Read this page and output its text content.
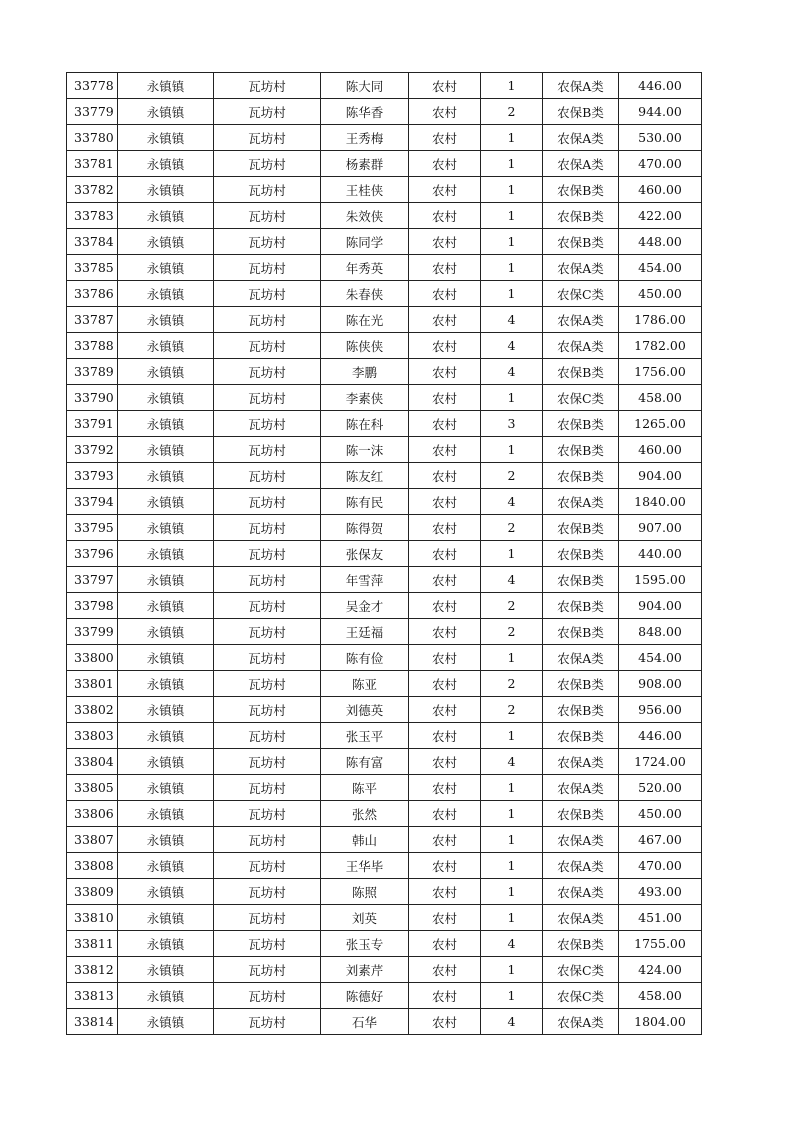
33778	永镇镇	瓦坊村	陈大同	农村	1	农保A类	446.00
33779	永镇镇	瓦坊村	陈华香	农村	2	农保B类	944.00
33780	永镇镇	瓦坊村	王秀梅	农村	1	农保A类	530.00
33781	永镇镇	瓦坊村	杨素群	农村	1	农保A类	470.00
33782	永镇镇	瓦坊村	王桂侠	农村	1	农保B类	460.00
33783	永镇镇	瓦坊村	朱效侠	农村	1	农保B类	422.00
33784	永镇镇	瓦坊村	陈同学	农村	1	农保B类	448.00
33785	永镇镇	瓦坊村	年秀英	农村	1	农保A类	454.00
33786	永镇镇	瓦坊村	朱春侠	农村	1	农保C类	450.00
33787	永镇镇	瓦坊村	陈在光	农村	4	农保A类	1786.00
33788	永镇镇	瓦坊村	陈侠侠	农村	4	农保A类	1782.00
33789	永镇镇	瓦坊村	李鹏	农村	4	农保B类	1756.00
33790	永镇镇	瓦坊村	李素侠	农村	1	农保C类	458.00
33791	永镇镇	瓦坊村	陈在科	农村	3	农保B类	1265.00
33792	永镇镇	瓦坊村	陈一沫	农村	1	农保B类	460.00
33793	永镇镇	瓦坊村	陈友红	农村	2	农保B类	904.00
33794	永镇镇	瓦坊村	陈有民	农村	4	农保A类	1840.00
33795	永镇镇	瓦坊村	陈得贺	农村	2	农保B类	907.00
33796	永镇镇	瓦坊村	张保友	农村	1	农保B类	440.00
33797	永镇镇	瓦坊村	年雪萍	农村	4	农保B类	1595.00
33798	永镇镇	瓦坊村	吴金才	农村	2	农保B类	904.00
33799	永镇镇	瓦坊村	王廷福	农村	2	农保B类	848.00
33800	永镇镇	瓦坊村	陈有俭	农村	1	农保A类	454.00
33801	永镇镇	瓦坊村	陈亚	农村	2	农保B类	908.00
33802	永镇镇	瓦坊村	刘德英	农村	2	农保B类	956.00
33803	永镇镇	瓦坊村	张玉平	农村	1	农保B类	446.00
33804	永镇镇	瓦坊村	陈有富	农村	4	农保A类	1724.00
33805	永镇镇	瓦坊村	陈平	农村	1	农保A类	520.00
33806	永镇镇	瓦坊村	张然	农村	1	农保B类	450.00
33807	永镇镇	瓦坊村	韩山	农村	1	农保A类	467.00
33808	永镇镇	瓦坊村	王华毕	农村	1	农保A类	470.00
33809	永镇镇	瓦坊村	陈照	农村	1	农保A类	493.00
33810	永镇镇	瓦坊村	刘英	农村	1	农保A类	451.00
33811	永镇镇	瓦坊村	张玉专	农村	4	农保B类	1755.00
33812	永镇镇	瓦坊村	刘素芹	农村	1	农保C类	424.00
33813	永镇镇	瓦坊村	陈德好	农村	1	农保C类	458.00
33814	永镇镇	瓦坊村	石华	农村	4	农保A类	1804.00
